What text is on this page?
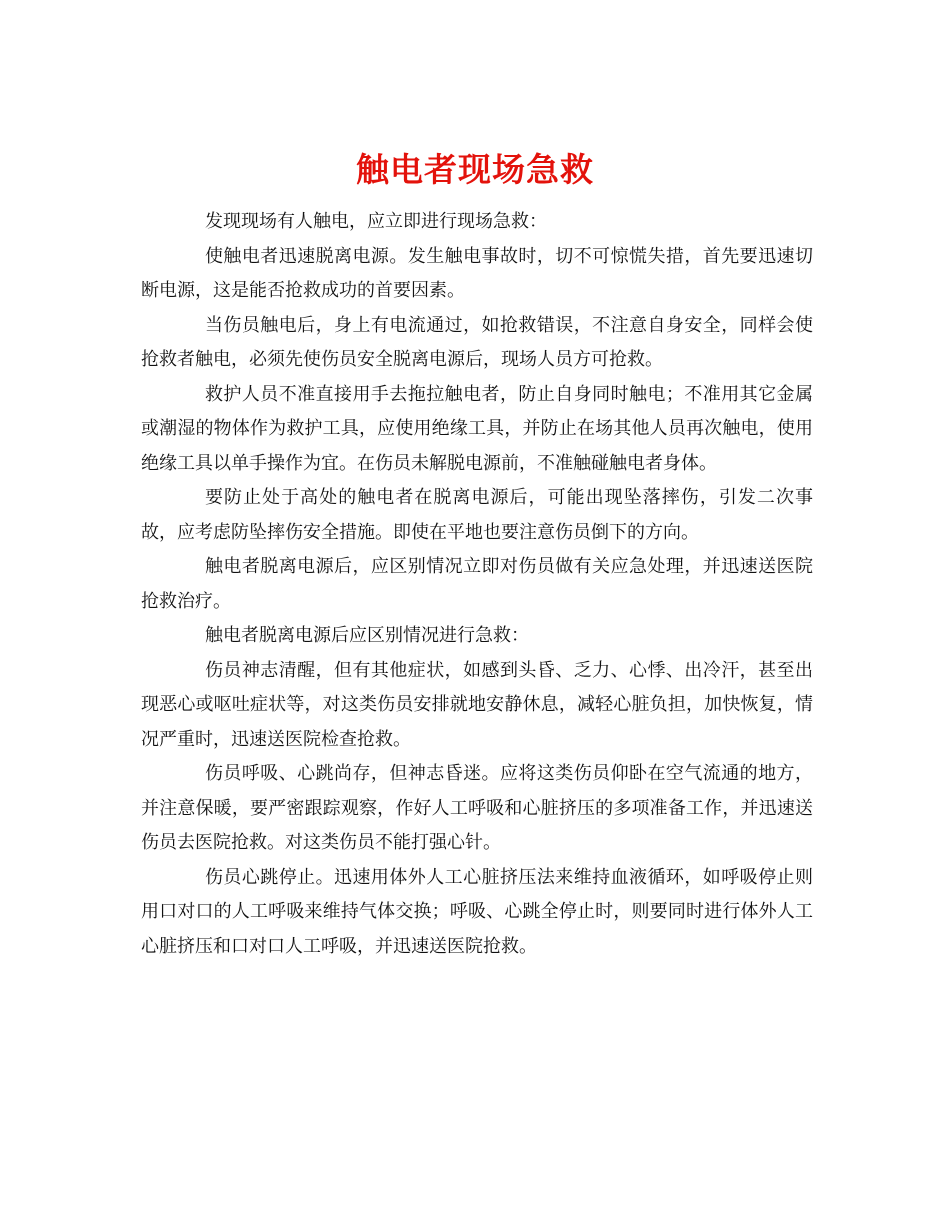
触电者现场急救

发现现场有人触电，应立即进行现场急救：

使触电者迅速脱离电源。发生触电事故时，切不可惊慌失措，首先要迅速切断电源，这是能否抢救成功的首要因素。

当伤员触电后，身上有电流通过，如抢救错误，不注意自身安全，同样会使抢救者触电，必须先使伤员安全脱离电源后，现场人员方可抢救。

救护人员不准直接用手去拖拉触电者，防止自身同时触电；不准用其它金属或潮湿的物体作为救护工具，应使用绝缘工具，并防止在场其他人员再次触电，使用绝缘工具以单手操作为宜。在伤员未解脱电源前，不准触碰触电者身体。

要防止处于高处的触电者在脱离电源后，可能出现坠落摔伤，引发二次事故，应考虑防坠摔伤安全措施。即使在平地也要注意伤员倒下的方向。

触电者脱离电源后，应区别情况立即对伤员做有关应急处理，并迅速送医院抢救治疗。

触电者脱离电源后应区别情况进行急救：

伤员神志清醒，但有其他症状，如感到头昏、乏力、心悸、出冷汗，甚至出现恶心或呕吐症状等，对这类伤员安排就地安静休息，减轻心脏负担，加快恢复，情况严重时，迅速送医院检查抢救。

伤员呼吸、心跳尚存，但神志昏迷。应将这类伤员仰卧在空气流通的地方，并注意保暖，要严密跟踪观察，作好人工呼吸和心脏挤压的多项准备工作，并迅速送伤员去医院抢救。对这类伤员不能打强心针。

伤员心跳停止。迅速用体外人工心脏挤压法来维持血液循环，如呼吸停止则用口对口的人工呼吸来维持气体交换；呼吸、心跳全停止时，则要同时进行体外人工心脏挤压和口对口人工呼吸，并迅速送医院抢救。
